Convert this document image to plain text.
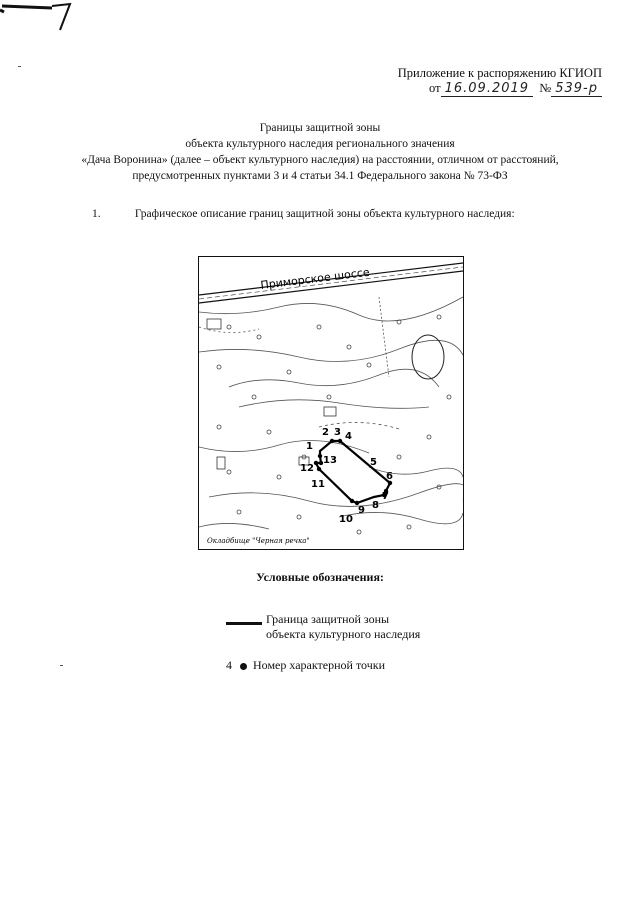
Приложение к распоряжению КГИОП
от 16.09.2019 № 539-р
Границы защитной зоны
объекта культурного наследия регионального значения
«Дача Воронина» (далее – объект культурного наследия) на расстоянии, отличном от расстояний,
предусмотренных пунктами 3 и 4 статьи 34.1 Федерального закона № 73-ФЗ
1.	Графическое описание границ защитной зоны объекта культурного наследия:
Приморское шоссе
Окладбище "Черная речка"
1
2 3 4
5
6
7
8
9
10
11
12
13
Условные обозначения:
Граница защитной зоны
объекта культурного наследия
4 Номер характерной точки
